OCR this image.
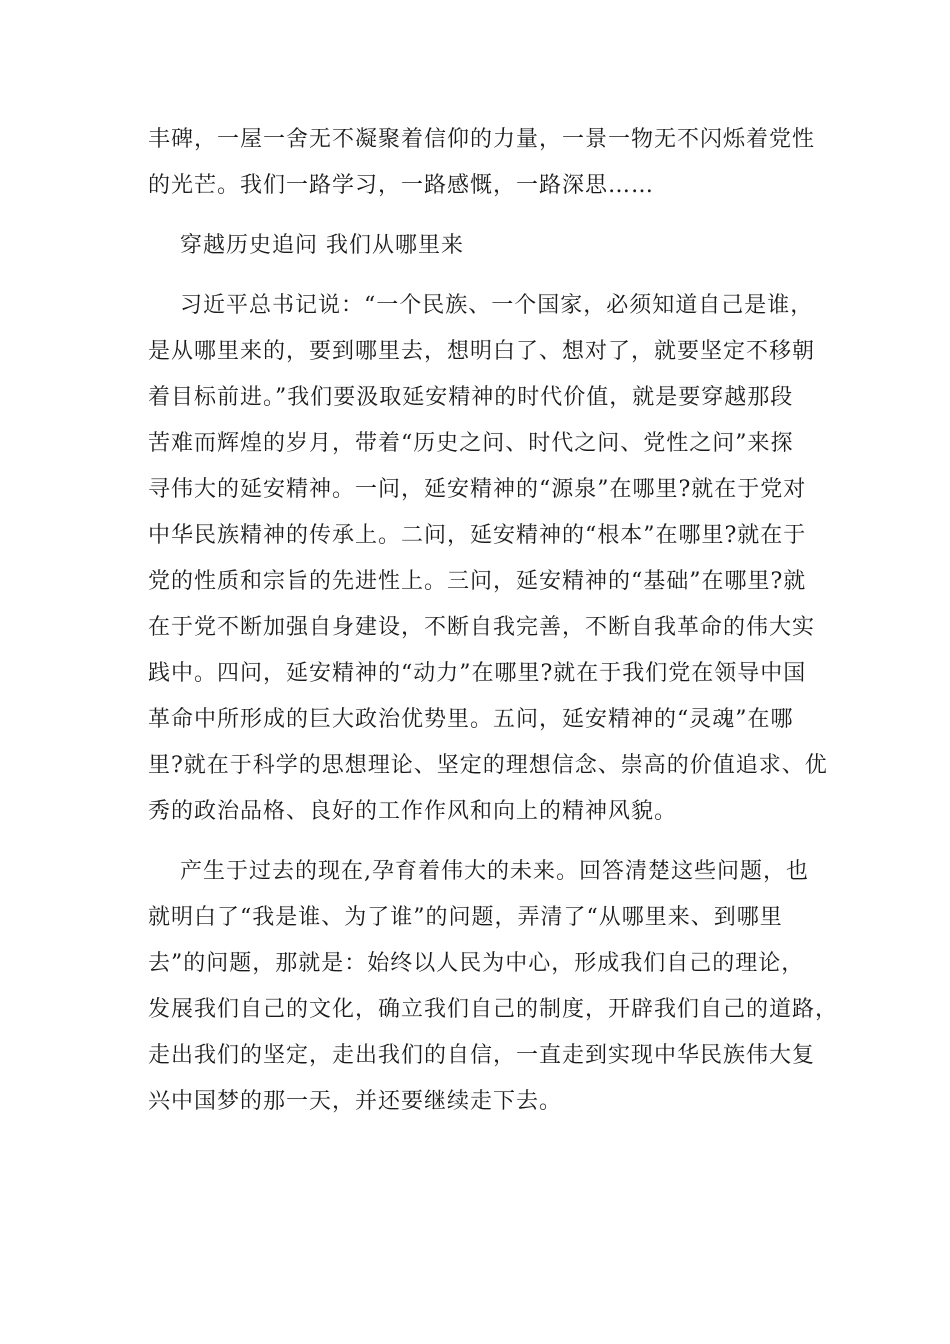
丰碑，一屋一舍无不凝聚着信仰的力量，一景一物无不闪烁着党性
的光芒。我们一路学习，一路感慨，一路深思……
穿越历史追问 我们从哪里来
习近平总书记说：“一个民族、一个国家，必须知道自己是谁，
是从哪里来的，要到哪里去，想明白了、想对了，就要坚定不移朝
着目标前进。”我们要汲取延安精神的时代价值，就是要穿越那段
苦难而辉煌的岁月，带着“历史之问、时代之问、党性之问”来探
寻伟大的延安精神。一问，延安精神的“源泉”在哪里?就在于党对
中华民族精神的传承上。二问，延安精神的“根本”在哪里?就在于
党的性质和宗旨的先进性上。三问，延安精神的“基础”在哪里?就
在于党不断加强自身建设，不断自我完善，不断自我革命的伟大实
践中。四问，延安精神的“动力”在哪里?就在于我们党在领导中国
革命中所形成的巨大政治优势里。五问，延安精神的“灵魂”在哪
里?就在于科学的思想理论、坚定的理想信念、崇高的价值追求、优
秀的政治品格、良好的工作作风和向上的精神风貌。
产生于过去的现在,孕育着伟大的未来。回答清楚这些问题，也
就明白了“我是谁、为了谁”的问题，弄清了“从哪里来、到哪里
去”的问题，那就是：始终以人民为中心，形成我们自己的理论，
发展我们自己的文化，确立我们自己的制度，开辟我们自己的道路，
走出我们的坚定，走出我们的自信，一直走到实现中华民族伟大复
兴中国梦的那一天，并还要继续走下去。
